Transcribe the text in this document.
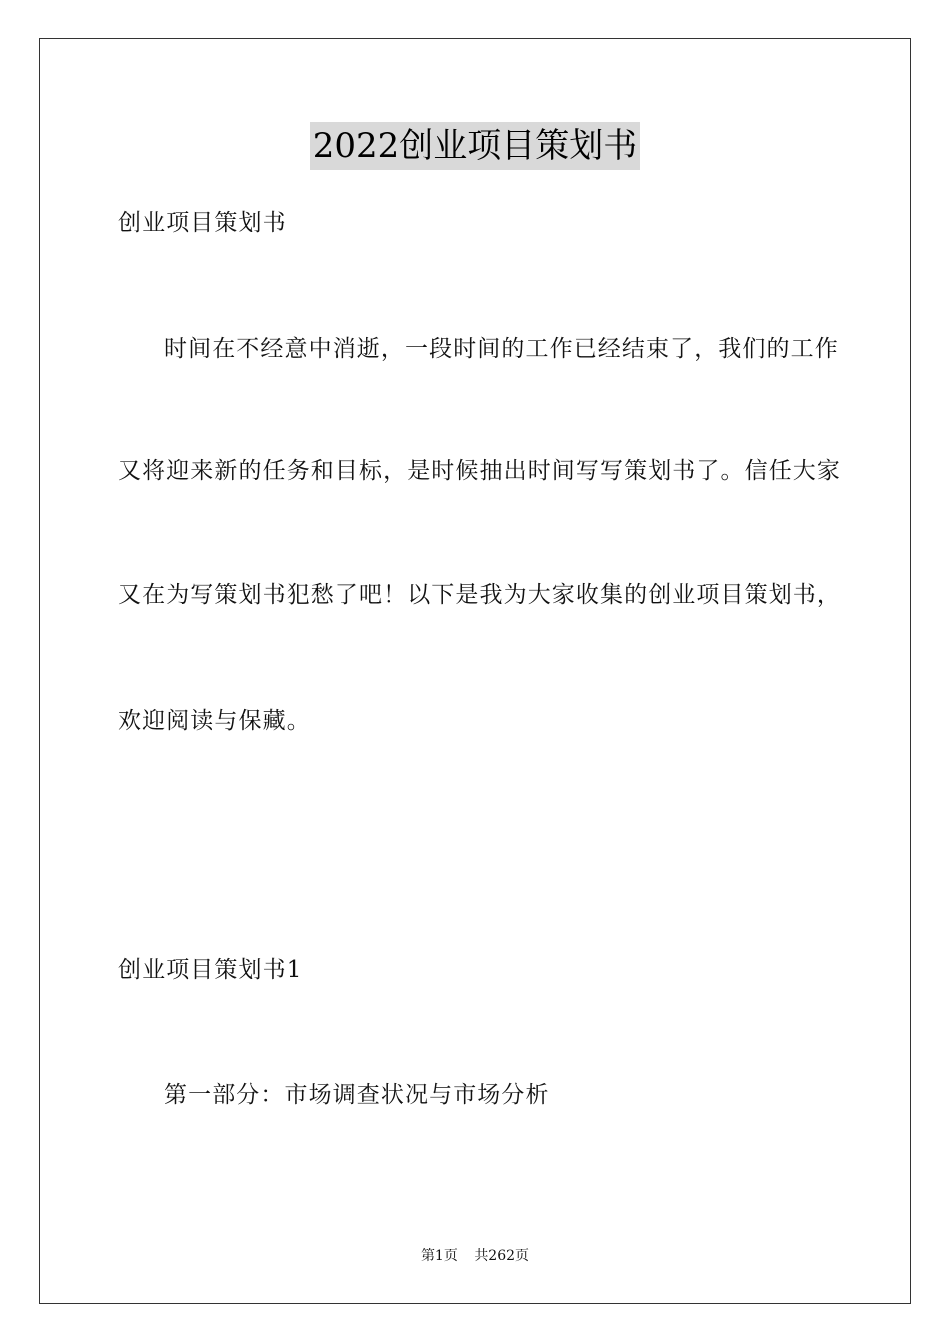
2022创业项目策划书
创业项目策划书
时间在不经意中消逝，一段时间的工作已经结束了，我们的工作
又将迎来新的任务和目标，是时候抽出时间写写策划书了。信任大家
又在为写策划书犯愁了吧！以下是我为大家收集的创业项目策划书，
欢迎阅读与保藏。
创业项目策划书1
第一部分：市场调查状况与市场分析
第1页 共262页
